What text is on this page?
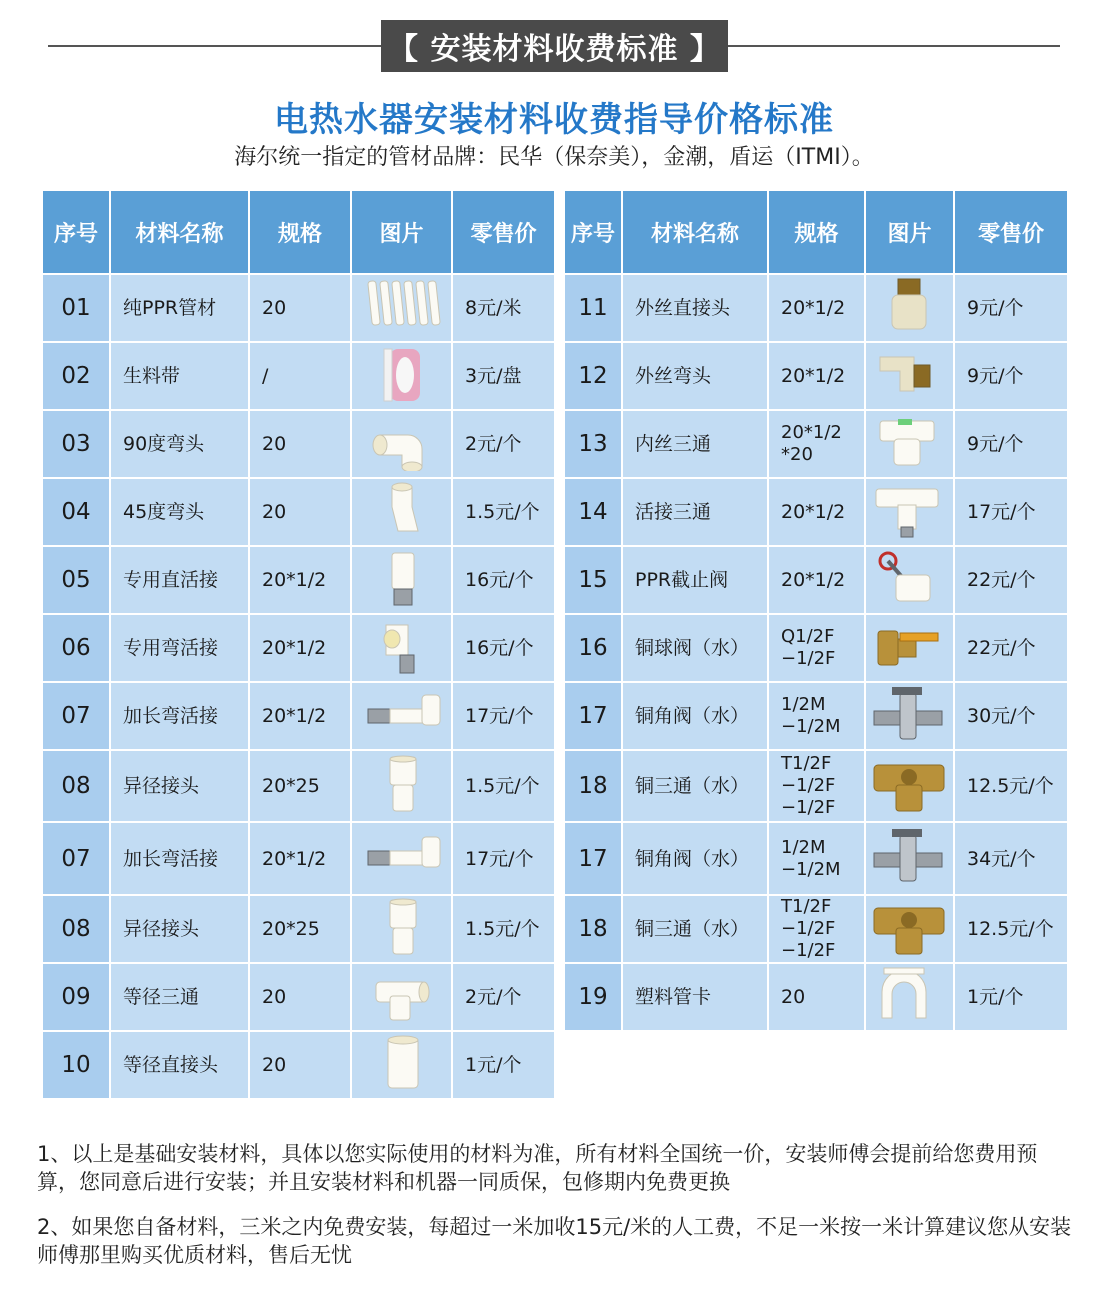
【 安装材料收费标准 】
电热水器安装材料收费指导价格标准
海尔统一指定的管材品牌：民华（保奈美），金潮，盾运（ITMI）。
序号	材料名称	规格	图片	零售价
01	纯PPR管材	20		8元/米
02	生料带	/		3元/盘
03	90度弯头	20		2元/个
04	45度弯头	20		1.5元/个
05	专用直活接	20*1/2		16元/个
06	专用弯活接	20*1/2		16元/个
07	加长弯活接	20*1/2		17元/个
08	异径接头	20*25		1.5元/个
07	加长弯活接	20*1/2		17元/个
08	异径接头	20*25		1.5元/个
09	等径三通	20		2元/个
10	等径直接头	20		1元/个
序号	材料名称	规格	图片	零售价
11	外丝直接头	20*1/2		9元/个
12	外丝弯头	20*1/2		9元/个
13	内丝三通	20*1/2
*20		9元/个
14	活接三通	20*1/2		17元/个
15	PPR截止阀	20*1/2		22元/个
16	铜球阀（水）	Q1/2F
−1/2F		22元/个
17	铜角阀（水）	1/2M
−1/2M		30元/个
18	铜三通（水）	T1/2F
−1/2F
−1/2F		12.5元/个
17	铜角阀（水）	1/2M
−1/2M		34元/个
18	铜三通（水）	T1/2F
−1/2F
−1/2F		12.5元/个
19	塑料管卡	20		1元/个
1、以上是基础安装材料，具体以您实际使用的材料为准，所有材料全国统一价，安装师傅会提前给您费用预算，您同意后进行安装；并且安装材料和机器一同质保，包修期内免费更换
2、如果您自备材料，三米之内免费安装，每超过一米加收15元/米的人工费，不足一米按一米计算建议您从安装师傅那里购买优质材料，售后无忧
